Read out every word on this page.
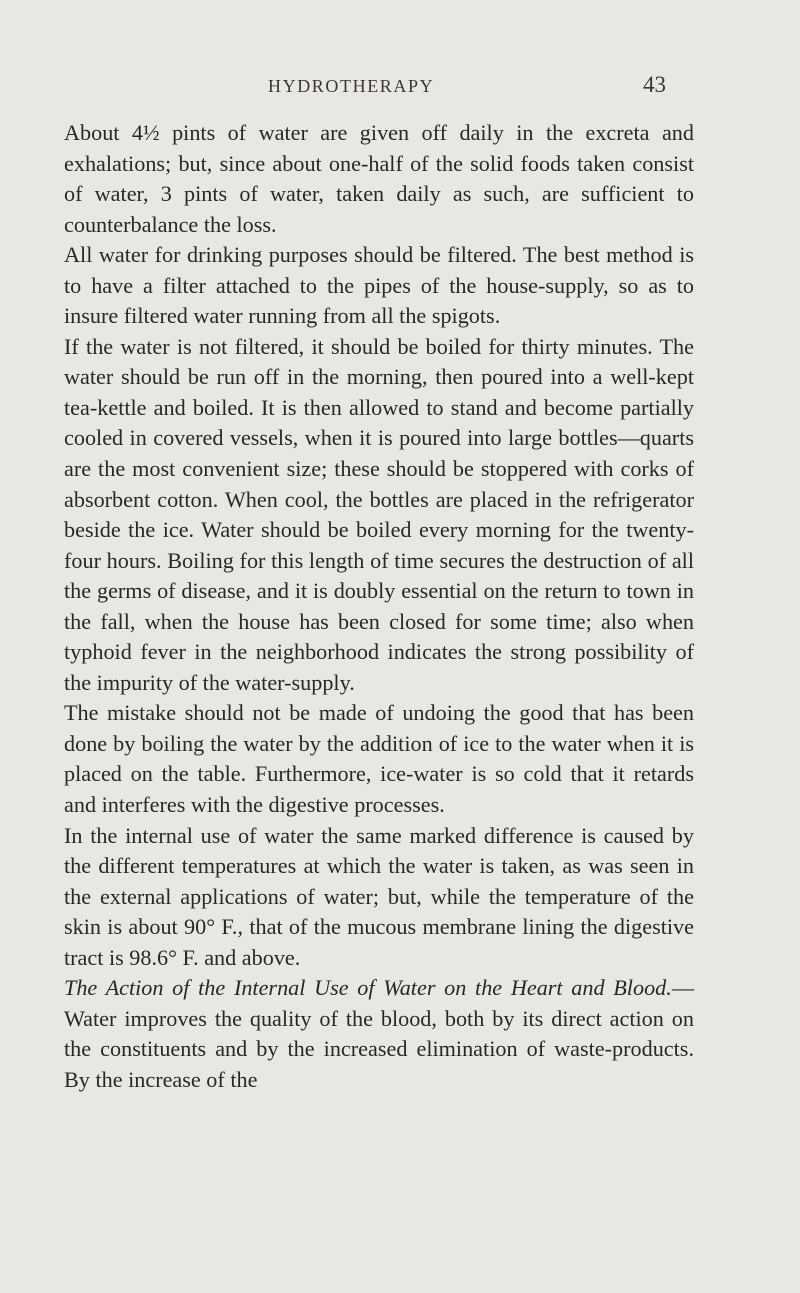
HYDROTHERAPY	43

About 4½ pints of water are given off daily in the excreta and exhalations; but, since about one-half of the solid foods taken consist of water, 3 pints of water, taken daily as such, are sufficient to counterbalance the loss.

All water for drinking purposes should be filtered. The best method is to have a filter attached to the pipes of the house-supply, so as to insure filtered water running from all the spigots.

If the water is not filtered, it should be boiled for thirty minutes. The water should be run off in the morning, then poured into a well-kept tea-kettle and boiled. It is then allowed to stand and become partially cooled in covered vessels, when it is poured into large bottles—quarts are the most convenient size; these should be stoppered with corks of absorbent cotton. When cool, the bottles are placed in the refrigerator beside the ice. Water should be boiled every morning for the twenty-four hours. Boiling for this length of time secures the destruction of all the germs of disease, and it is doubly essential on the return to town in the fall, when the house has been closed for some time; also when typhoid fever in the neighborhood indicates the strong possibility of the impurity of the water-supply.

The mistake should not be made of undoing the good that has been done by boiling the water by the addition of ice to the water when it is placed on the table. Furthermore, ice-water is so cold that it retards and interferes with the digestive processes.

In the internal use of water the same marked difference is caused by the different temperatures at which the water is taken, as was seen in the external applications of water; but, while the temperature of the skin is about 90° F., that of the mucous membrane lining the digestive tract is 98.6° F. and above.

The Action of the Internal Use of Water on the Heart and Blood.—Water improves the quality of the blood, both by its direct action on the constituents and by the increased elimination of waste-products. By the increase of the
